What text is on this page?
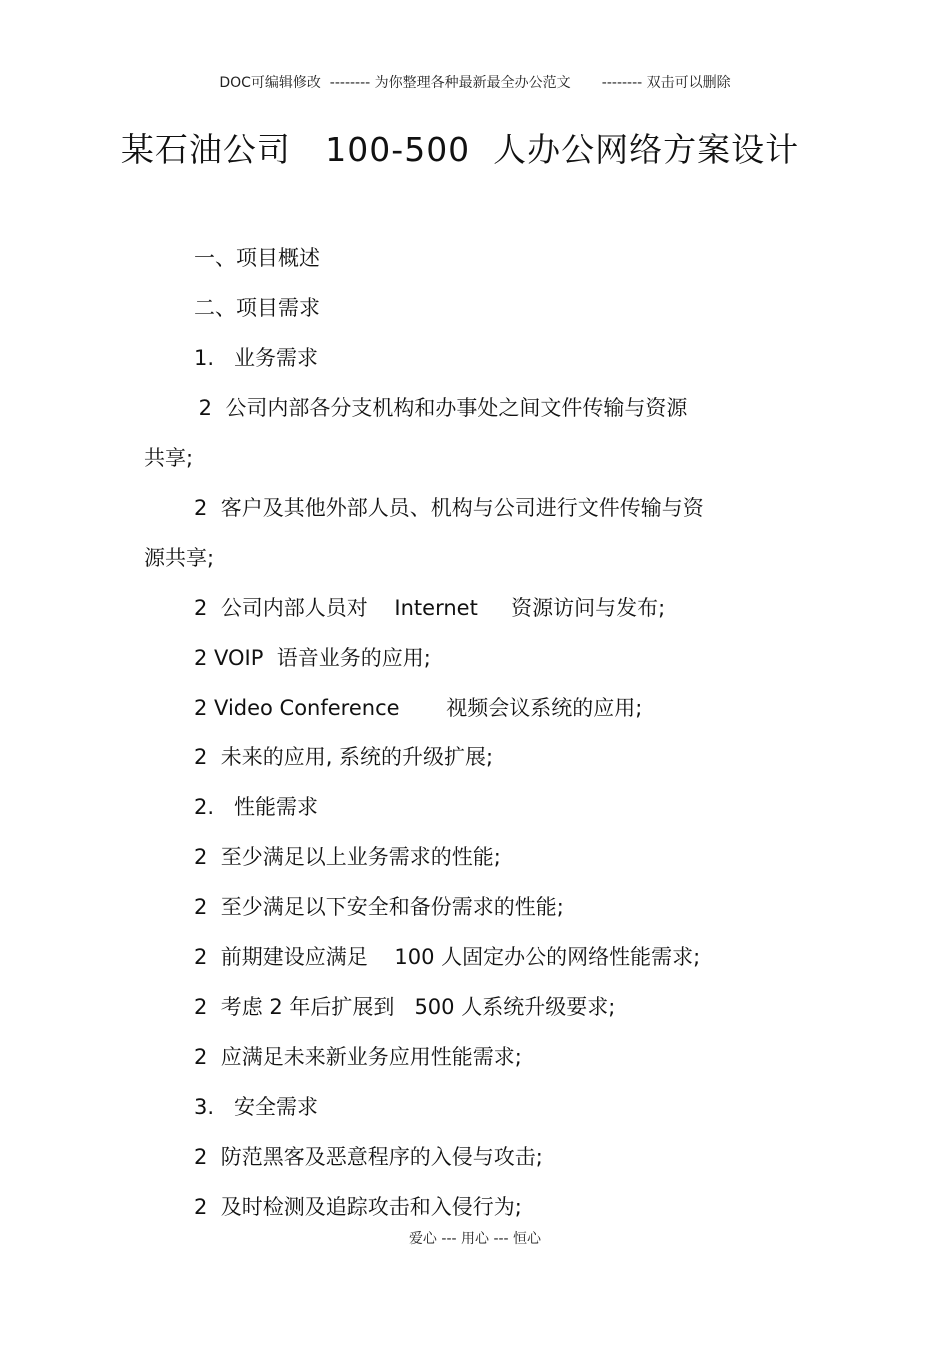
DOC可编辑修改  -------- 为你整理各种最新最全办公范文       -------- 双击可以删除
某石油公司   100-500  人办公网络方案设计
一、项目概述
二、项目需求
1.   业务需求
2  公司内部各分支机构和办事处之间文件传输与资源
共享;
2  客户及其他外部人员、机构与公司进行文件传输与资
源共享;
2  公司内部人员对    Internet     资源访问与发布;
2 VOIP  语音业务的应用;
2 Video Conference       视频会议系统的应用;
2  未来的应用, 系统的升级扩展;
2.   性能需求
2  至少满足以上业务需求的性能;
2  至少满足以下安全和备份需求的性能;
2  前期建设应满足    100 人固定办公的网络性能需求;
2  考虑 2 年后扩展到   500 人系统升级要求;
2  应满足未来新业务应用性能需求;
3.   安全需求
2  防范黑客及恶意程序的入侵与攻击;
2  及时检测及追踪攻击和入侵行为;
爱心 --- 用心 --- 恒心
